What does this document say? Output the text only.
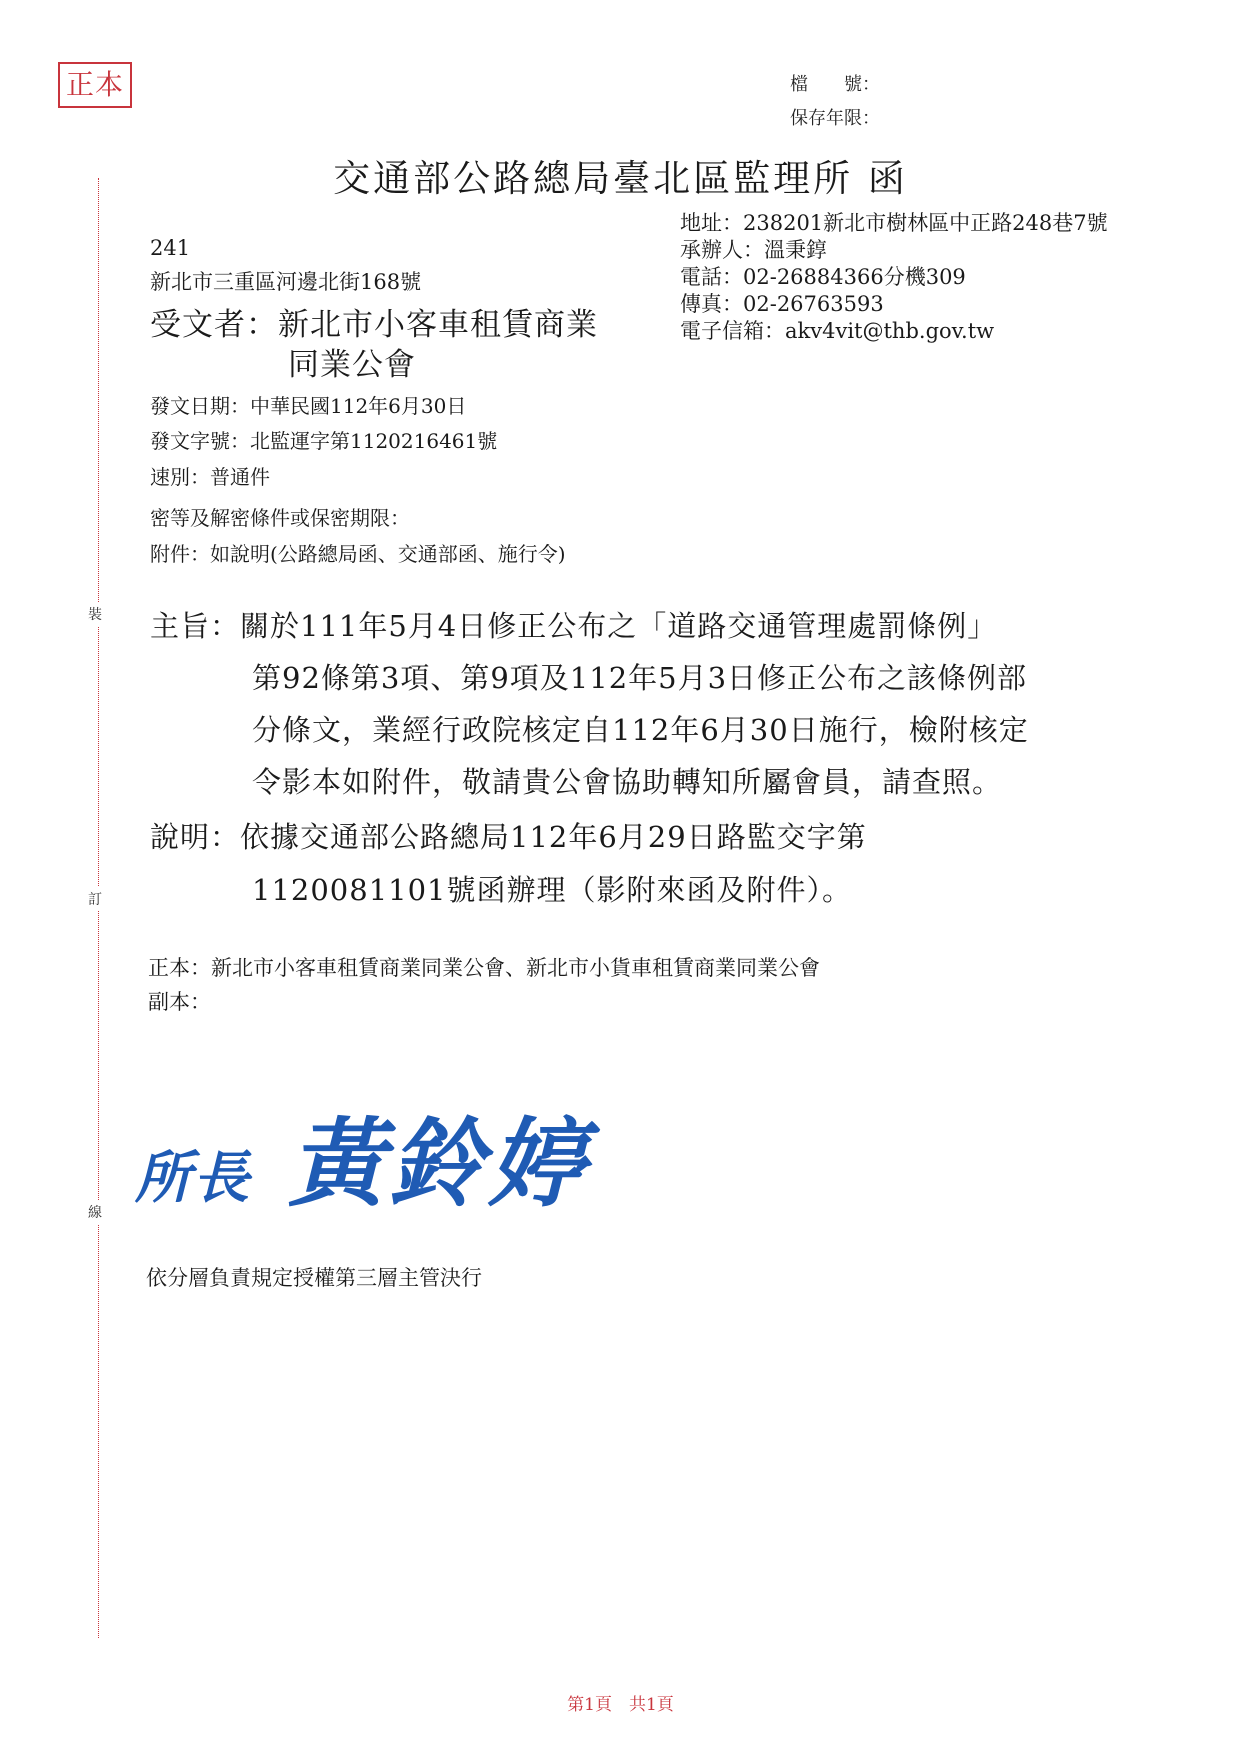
正本	檔　　號：
保存年限：
交通部公路總局臺北區監理所 函
地址：238201新北市樹林區中正路248巷7號
承辦人：溫秉錞
電話：02-26884366分機309
傳真：02-26763593
電子信箱：akv4vit@thb.gov.tw
241
新北市三重區河邊北街168號
受文者：新北市小客車租賃商業
同業公會
發文日期：中華民國112年6月30日
發文字號：北監運字第1120216461號
速別：普通件
密等及解密條件或保密期限：
附件：如說明(公路總局函、交通部函、施行令)
主旨：關於111年5月4日修正公布之「道路交通管理處罰條例」
第92條第3項、第9項及112年5月3日修正公布之該條例部
分條文，業經行政院核定自112年6月30日施行，檢附核定
令影本如附件，敬請貴公會協助轉知所屬會員，請查照。
說明：依據交通部公路總局112年6月29日路監交字第
1120081101號函辦理（影附來函及附件）。
正本：新北市小客車租賃商業同業公會、新北市小貨車租賃商業同業公會
副本：
裝
訂
線
所長 黃鈴婷
依分層負責規定授權第三層主管決行
第1頁　共1頁
